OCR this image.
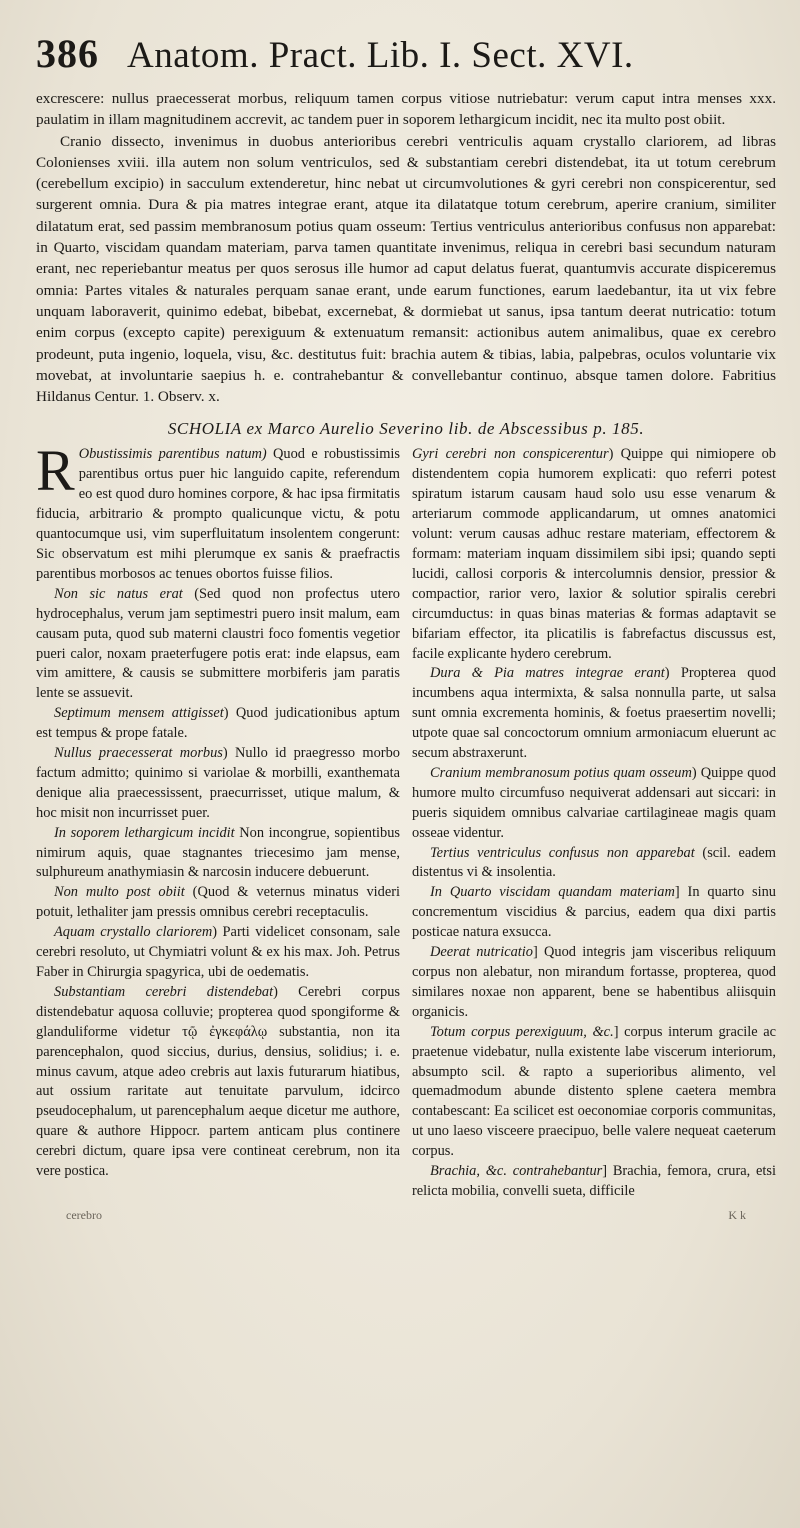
386 Anatom. Pract. Lib. I. Sect. XVI.

excrescere: nullus praecesserat morbus, reliquum tamen corpus vitiose nutriebatur: verum caput intra menses xxx. paulatim in illam magnitudinem accrevit, ac tandem puer in soporem lethargicum incidit, nec ita multo post obiit.

Cranio dissecto, invenimus in duobus anterioribus cerebri ventriculis aquam crystallo clariorem, ad libras Colonienses xviii. illa autem non solum ventriculos, sed & substantiam cerebri distendebat, ita ut totum cerebrum (cerebellum excipio) in sacculum extenderetur, hinc nebat ut circumvolutiones & gyri cerebri non conspicerentur, sed surgerent omnia. Dura & pia matres integrae erant, atque ita dilatatque totum cerebrum, aperire cranium, similiter dilatatum erat, sed passim membranosum potius quam osseum: Tertius ventriculus anterioribus confusus non apparebat: in Quarto, viscidam quandam materiam, parva tamen quantitate invenimus, reliqua in cerebri basi secundum naturam erant, nec reperiebantur meatus per quos serosus ille humor ad caput delatus fuerat, quantumvis accurate dispiceremus omnia: Partes vitales & naturales perquam sanae erant, unde earum functiones, earum laedebantur, ita ut vix febre unquam laboraverit, quinimo edebat, bibebat, excernebat, & dormiebat ut sanus, ipsa tantum deerat nutricatio: totum enim corpus (excepto capite) perexiguum & extenuatum remansit: actionibus autem animalibus, quae ex cerebro prodeunt, puta ingenio, loquela, visu, &c. destitutus fuit: brachia autem & tibias, labia, palpebras, oculos voluntarie vix movebat, at involuntarie saepius h. e. contrahebantur & convellebantur continuo, absque tamen dolore. Fabritius Hildanus Centur. 1. Observ. x.

SCHOLIA ex Marco Aurelio Severino lib. de Abscessibus p. 185.

R Obustissimis parentibus natum) Quod e robustissimis parentibus ortus puer hic languido capite, referendum eo est quod duro homines corpore, & hac ipsa firmitatis fiducia, arbitrario & prompto qualicunque victu, & potu quantocumque usi, vim superfluitatum insolentem congerunt: Sic observatum est mihi plerumque ex sanis & praefractis parentibus morbosos ac tenues obortos fuisse filios.

Non sic natus erat (Sed quod non profectus utero hydrocephalus, verum jam septimestri puero insit malum, eam causam puta, quod sub materni claustri foco fomentis vegetior pueri calor, noxam praeterfugere potis erat: inde elapsus, eam vim amittere, & causis se submittere morbiferis jam paratis lente se assuevit.

Septimum mensem attigisset) Quod judicationibus aptum est tempus & prope fatale.

Nullus praecesserat morbus) Nullo id praegresso morbo factum admitto; quinimo si variolae & morbilli, exanthemata denique alia praecessissent, praecurrisset, utique malum, & hoc misit non incurrisset puer.

In soporem lethargicum incidit Non incongrue, sopientibus nimirum aquis, quae stagnantes triecesimo jam mense, sulphureum anathymiasin & narcosin inducere debuerunt.

Non multo post obiit (Quod & veternus minatus videri potuit, lethaliter jam pressis omnibus cerebri receptaculis.

Aquam crystallo clariorem) Parti videlicet consonam, sale cerebri resoluto, ut Chymiatri volunt & ex his max. Joh. Petrus Faber in Chirurgia spagyrica, ubi de oedematis.

Substantiam cerebri distendebat) Cerebri corpus distendebatur aquosa colluvie; propterea quod spongiforme & glanduliforme videtur τῷ ἐγκεφάλῳ substantia, non ita parencephalon, quod siccius, durius, densius, solidius; i. e. minus cavum, atque adeo crebris aut laxis futurarum hiatibus, aut ossium raritate aut tenuitate parvulum, idcirco pseudocephalum, ut parencephalum aeque dicetur me authore, quare & authore Hippocr. partem anticam plus continere cerebri dictum, quare ipsa vere contineat cerebrum, non ita vere postica.

Gyri cerebri non conspicerentur) Quippe qui nimiopere ob distendentem copia humorem explicati: quo referri potest spiratum istarum causam haud solo usu esse venarum & arteriarum commode applicandarum, ut omnes anatomici volunt: verum causas adhuc restare materiam, effectorem & formam: materiam inquam dissimilem sibi ipsi; quando septi lucidi, callosi corporis & intercolumnis densior, pressior & compactior, rarior vero, laxior & solutior spiralis cerebri circumductus: in quas binas materias & formas adaptavit se bifariam effector, ita plicatilis is fabrefactus discussus est, facile explicante hydero cerebrum.

Dura & Pia matres integrae erant) Propterea quod incumbens aqua intermixta, & salsa nonnulla parte, ut salsa sunt omnia excrementa hominis, & foetus praesertim novelli; utpote quae sal concoctorum omnium armoniacum eluerunt ac secum abstraxerunt.

Cranium membranosum potius quam osseum) Quippe quod humore multo circumfuso nequiverat addensari aut siccari: in pueris siquidem omnibus calvariae cartilagineae magis quam osseae videntur.

Tertius ventriculus confusus non apparebat (scil. eadem distentus vi & insolentia.

In Quarto viscidam quandam materiam] In quarto sinu concrementum viscidius & parcius, eadem qua dixi partis posticae natura exsucca.

Deerat nutricatio] Quod integris jam visceribus reliquum corpus non alebatur, non mirandum fortasse, propterea, quod similares noxae non apparent, bene se habentibus aliisquin organicis.

Totum corpus perexiguum, &c.] corpus interum gracile ac praetenue videbatur, nulla existente labe viscerum interiorum, absumpto scil. & rapto a superioribus alimento, vel quemadmodum abunde distento splene caetera membra contabescant: Ea scilicet est oeconomiae corporis communitas, ut uno laeso visceere praecipuo, belle valere nequeat caeterum corpus.

Brachia, &c. contrahebantur] Brachia, femora, crura, etsi relicta mobilia, convelli sueta, difficile

cerebro	K k
